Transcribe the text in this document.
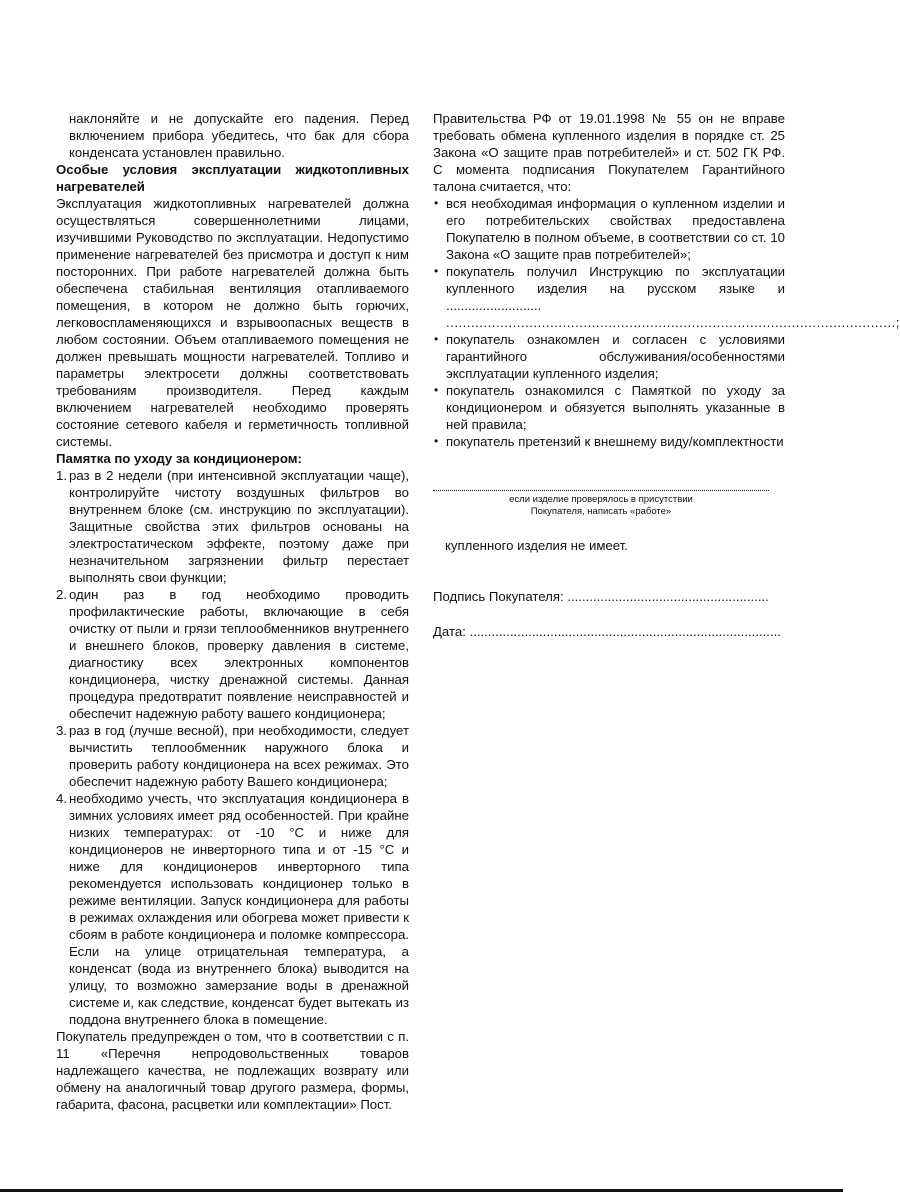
наклоняйте и не допускайте его падения. Перед включением прибора убедитесь, что бак для сбора конденсата установлен правильно.

Особые условия эксплуатации жидкотопливных нагревателей

Эксплуатация жидкотопливных нагревателей должна осуществляться совершеннолетними лицами, изучившими Руководство по эксплуатации. Недопустимо применение нагревателей без присмотра и доступ к ним посторонних. При работе нагревателей должна быть обеспечена стабильная вентиляция отапливаемого помещения, в котором не должно быть горючих, легковоспламеняющихся и взрывоопасных веществ в любом состоянии. Объем отапливаемого помещения не должен превышать мощности нагревателей. Топливо и параметры электросети должны соответствовать требованиям производителя. Перед каждым включением нагревателей необходимо проверять состояние сетевого кабеля и герметичность топливной системы.

Памятка по уходу за кондиционером:

1. раз в 2 недели (при интенсивной эксплуатации чаще), контролируйте чистоту воздушных фильтров во внутреннем блоке (см. инструкцию по эксплуатации). Защитные свойства этих фильтров основаны на электростатическом эффекте, поэтому даже при незначительном загрязнении фильтр перестает выполнять свои функции;
2. один раз в год необходимо проводить профилактические работы, включающие в себя очистку от пыли и грязи теплообменников внутреннего и внешнего блоков, проверку давления в системе, диагностику всех электронных компонентов кондиционера, чистку дренажной системы. Данная процедура предотвратит появление неисправностей и обеспечит надежную работу вашего кондиционера;
3. раз в год (лучше весной), при необходимости, следует вычистить теплообменник наружного блока и проверить работу кондиционера на всех режимах. Это обеспечит надежную работу Вашего кондиционера;
4. необходимо учесть, что эксплуатация кондиционера в зимних условиях имеет ряд особенностей. При крайне низких температурах: от -10 °С и ниже для кондиционеров не инверторного типа и от -15 °С и ниже для кондиционеров инверторного типа рекомендуется использовать кондиционер только в режиме вентиляции. Запуск кондиционера для работы в режимах охлаждения или обогрева может привести к сбоям в работе кондиционера и поломке компрессора. Если на улице отрицательная температура, а конденсат (вода из внутреннего блока) выводится на улицу, то возможно замерзание воды в дренажной системе и, как следствие, конденсат будет вытекать из поддона внутреннего блока в помещение.

Покупатель предупрежден о том, что в соответствии с п. 11 «Перечня непродовольственных товаров надлежащего качества, не подлежащих возврату или обмену на аналогичный товар другого размера, формы, габарита, фасона, расцветки или комплектации» Пост.

Правительства РФ от 19.01.1998 № 55 он не вправе требовать обмена купленного изделия в порядке ст. 25 Закона «О защите прав потребителей» и ст. 502 ГК РФ. С момента подписания Покупателем Гарантийного талона считается, что:

• вся необходимая информация о купленном изделии и его потребительских свойствах предоставлена Покупателю в полном объеме, в соответствии со ст. 10 Закона «О защите прав потребителей»;
• покупатель получил Инструкцию по эксплуатации купленного изделия на русском языке и ..........................
............................................................................................................;
• покупатель ознакомлен и согласен с условиями гарантийного обслуживания/особенностями эксплуатации купленного изделия;
• покупатель ознакомился с Памяткой по уходу за кондиционером и обязуется выполнять указанные в ней правила;
• покупатель претензий к внешнему виду/комплектности
если изделие проверялось в присутствии
Покупателя, написать «работе»
купленного изделия не имеет.
Подпись Покупателя: .......................................................
Дата: .....................................................................................
